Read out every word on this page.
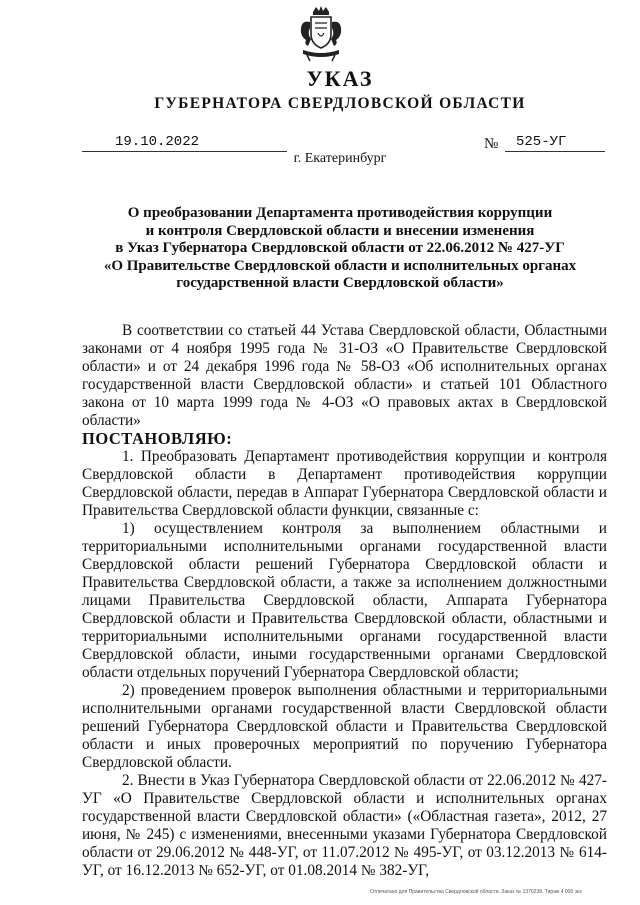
УКАЗ
ГУБЕРНАТОРА СВЕРДЛОВСКОЙ ОБЛАСТИ
19.10.2022	№ 525-УГ
г. Екатеринбург
О преобразовании Департамента противодействия коррупции
и контроля Свердловской области и внесении изменения
в Указ Губернатора Свердловской области от 22.06.2012 № 427-УГ
«О Правительстве Свердловской области и исполнительных органах
государственной власти Свердловской области»

В соответствии со статьей 44 Устава Свердловской области, Областными законами от 4 ноября 1995 года № 31-ОЗ «О Правительстве Свердловской области» и от 24 декабря 1996 года № 58-ОЗ «Об исполнительных органах государственной власти Свердловской области» и статьей 101 Областного закона от 10 марта 1999 года № 4-ОЗ «О правовых актах в Свердловской области»

ПОСТАНОВЛЯЮ:

1. Преобразовать Департамент противодействия коррупции и контроля Свердловской области в Департамент противодействия коррупции Свердловской области, передав в Аппарат Губернатора Свердловской области и Правительства Свердловской области функции, связанные с:

1) осуществлением контроля за выполнением областными и территориальными исполнительными органами государственной власти Свердловской области решений Губернатора Свердловской области и Правительства Свердловской области, а также за исполнением должностными лицами Правительства Свердловской области, Аппарата Губернатора Свердловской области и Правительства Свердловской области, областными и территориальными исполнительными органами государственной власти Свердловской области, иными государственными органами Свердловской области отдельных поручений Губернатора Свердловской области;

2) проведением проверок выполнения областными и территориальными исполнительными органами государственной власти Свердловской области решений Губернатора Свердловской области и Правительства Свердловской области и иных проверочных мероприятий по поручению Губернатора Свердловской области.

2. Внести в Указ Губернатора Свердловской области от 22.06.2012 № 427-УГ «О Правительстве Свердловской области и исполнительных органах государственной власти Свердловской области» («Областная газета», 2012, 27 июня, № 245) с изменениями, внесенными указами Губернатора Свердловской области от 29.06.2012 № 448-УГ, от 11.07.2012 № 495-УГ, от 03.12.2013 № 614-УГ, от 16.12.2013 № 652-УГ, от 01.08.2014 № 382-УГ,

Отпечатано для Правительства Свердловской области. Заказ № 1370238. Тираж 4 000 экз
